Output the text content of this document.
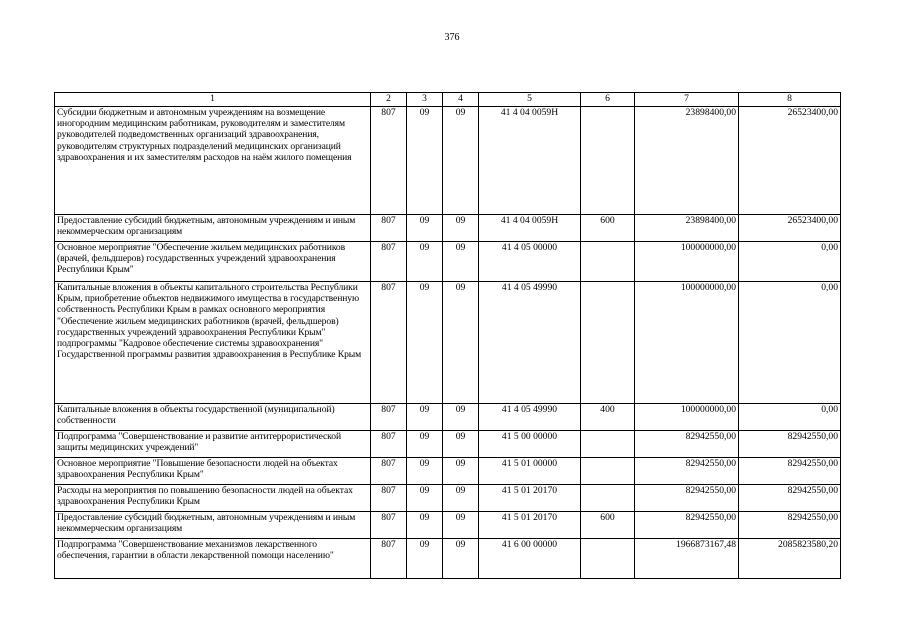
376
1	2	3	4	5	6	7	8
Субсидии бюджетным и автономным учреждениям на возмещение иногородним медицинским работникам, руководителям и заместителям руководителей подведомственных организаций здравоохранения, руководителям структурных подразделений медицинских организаций здравоохранения и их заместителям расходов на наём жилого помещения	807	09	09	41 4 04 0059Н		23898400,00	26523400,00
Предоставление субсидий бюджетным, автономным учреждениям и иным некоммерческим организациям	807	09	09	41 4 04 0059Н	600	23898400,00	26523400,00
Основное мероприятие "Обеспечение жильем медицинских работников (врачей, фельдшеров) государственных учреждений здравоохранения Республики Крым"	807	09	09	41 4 05 00000		100000000,00	0,00
Капитальные вложения в объекты капитального строительства Республики Крым, приобретение объектов недвижимого имущества в государственную собственность Республики Крым в рамках основного мероприятия "Обеспечение жильем медицинских работников (врачей, фельдшеров) государственных учреждений здравоохранения Республики Крым" подпрограммы "Кадровое обеспечение системы здравоохранения" Государственной программы развития здравоохранения в Республике Крым	807	09	09	41 4 05 49990		100000000,00	0,00
Капитальные вложения в объекты государственной (муниципальной) собственности	807	09	09	41 4 05 49990	400	100000000,00	0,00
Подпрограмма "Совершенствование и развитие антитеррористической защиты медицинских учреждений"	807	09	09	41 5 00 00000		82942550,00	82942550,00
Основное мероприятие "Повышение безопасности людей на объектах здравоохранения Республики Крым"	807	09	09	41 5 01 00000		82942550,00	82942550,00
Расходы на мероприятия по повышению безопасности людей на объектах здравоохранения Республики Крым	807	09	09	41 5 01 20170		82942550,00	82942550,00
Предоставление субсидий бюджетным, автономным учреждениям и иным некоммерческим организациям	807	09	09	41 5 01 20170	600	82942550,00	82942550,00
Подпрограмма "Совершенствование механизмов лекарственного обеспечения, гарантии в области лекарственной помощи населению"	807	09	09	41 6 00 00000		1966873167,48	2085823580,20
